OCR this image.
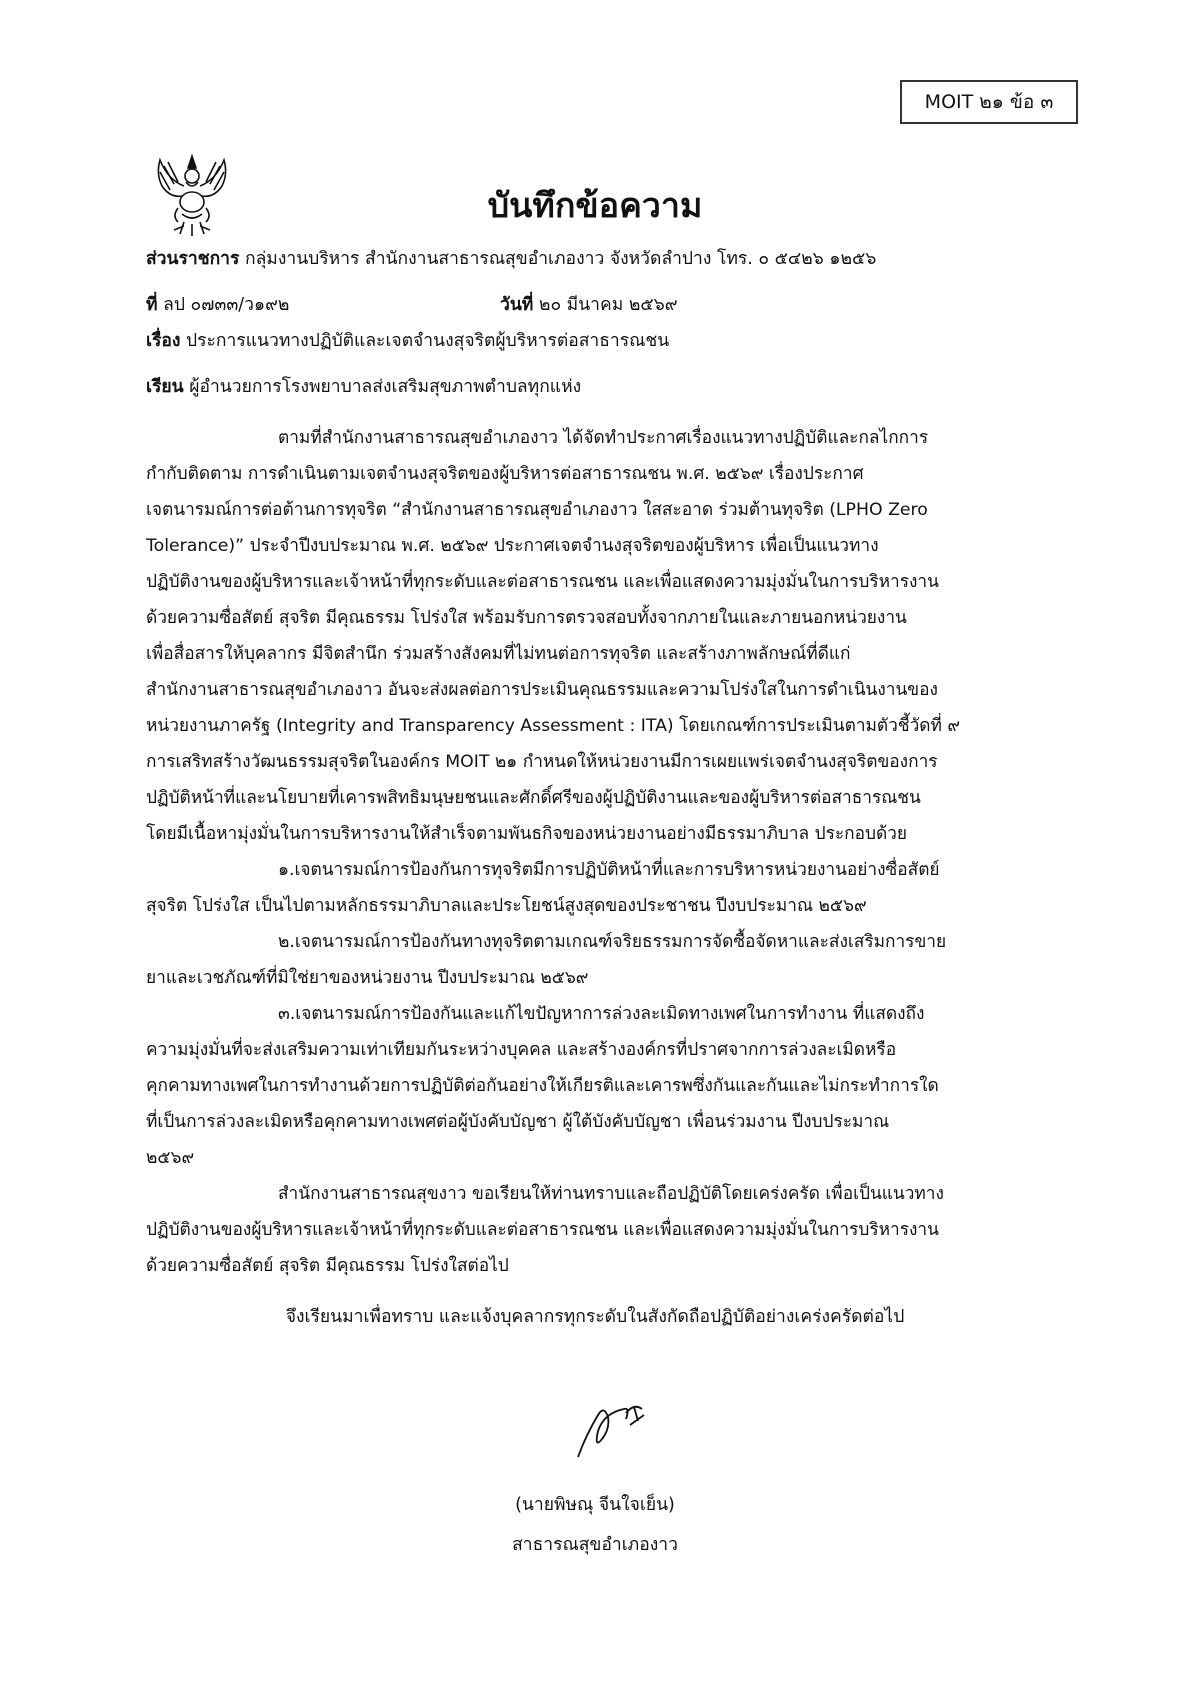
MOIT ๒๑ ข้อ ๓
บันทึกข้อความ
ส่วนราชการ กลุ่มงานบริหาร สำนักงานสาธารณสุขอำเภองาว จังหวัดลำปาง โทร. ๐ ๕๔๒๖ ๑๒๕๖
ที่ ลป ๐๗๓๓/ว๑๙๒	วันที่ ๒๐ มีนาคม ๒๕๖๙
เรื่อง ประการแนวทางปฏิบัติและเจตจำนงสุจริตผู้บริหารต่อสาธารณชน
เรียน ผู้อำนวยการโรงพยาบาลส่งเสริมสุขภาพตำบลทุกแห่ง
ตามที่สำนักงานสาธารณสุขอำเภองาว ได้จัดทำประกาศเรื่องแนวทางปฏิบัติและกลไกการ
กำกับติดตาม การดำเนินตามเจตจำนงสุจริตของผู้บริหารต่อสาธารณชน พ.ศ. ๒๕๖๙ เรื่องประกาศ
เจตนารมณ์การต่อต้านการทุจริต “สำนักงานสาธารณสุขอำเภองาว ใสสะอาด ร่วมต้านทุจริต (LPHO Zero
Tolerance)” ประจำปีงบประมาณ พ.ศ. ๒๕๖๙ ประกาศเจตจำนงสุจริตของผู้บริหาร เพื่อเป็นแนวทาง
ปฏิบัติงานของผู้บริหารและเจ้าหน้าที่ทุกระดับและต่อสาธารณชน และเพื่อแสดงความมุ่งมั่นในการบริหารงาน
ด้วยความซื่อสัตย์ สุจริต มีคุณธรรม โปร่งใส พร้อมรับการตรวจสอบทั้งจากภายในและภายนอกหน่วยงาน
เพื่อสื่อสารให้บุคลากร มีจิตสำนึก ร่วมสร้างสังคมที่ไม่ทนต่อการทุจริต และสร้างภาพลักษณ์ที่ดีแก่
สำนักงานสาธารณสุขอำเภองาว อันจะส่งผลต่อการประเมินคุณธรรมและความโปร่งใสในการดำเนินงานของ
หน่วยงานภาครัฐ (Integrity and Transparency Assessment : ITA) โดยเกณฑ์การประเมินตามตัวชี้วัดที่ ๙
การเสริทสร้างวัฒนธรรมสุจริตในองค์กร MOIT ๒๑ กำหนดให้หน่วยงานมีการเผยแพร่เจตจำนงสุจริตของการ
ปฏิบัติหน้าที่และนโยบายที่เคารพสิทธิมนุษยชนและศักดิ์ศรีของผู้ปฏิบัติงานและของผู้บริหารต่อสาธารณชน
โดยมีเนื้อหามุ่งมั่นในการบริหารงานให้สำเร็จตามพันธกิจของหน่วยงานอย่างมีธรรมาภิบาล ประกอบด้วย
๑.เจตนารมณ์การป้องกันการทุจริตมีการปฏิบัติหน้าที่และการบริหารหน่วยงานอย่างซื่อสัตย์
สุจริต โปร่งใส เป็นไปตามหลักธรรมาภิบาลและประโยชน์สูงสุดของประชาชน ปีงบประมาณ ๒๕๖๙
๒.เจตนารมณ์การป้องกันทางทุจริตตามเกณฑ์จริยธรรมการจัดซื้อจัดหาและส่งเสริมการขาย
ยาและเวชภัณฑ์ที่มิใช่ยาของหน่วยงาน ปีงบประมาณ ๒๕๖๙
๓.เจตนารมณ์การป้องกันและแก้ไขปัญหาการล่วงละเมิดทางเพศในการทำงาน ที่แสดงถึง
ความมุ่งมั่นที่จะส่งเสริมความเท่าเทียมกันระหว่างบุคคล และสร้างองค์กรที่ปราศจากการล่วงละเมิดหรือ
คุกคามทางเพศในการทำงานด้วยการปฏิบัติต่อกันอย่างให้เกียรติและเคารพซึ่งกันและกันและไม่กระทำการใด
ที่เป็นการล่วงละเมิดหรือคุกคามทางเพศต่อผู้บังคับบัญชา ผู้ใต้บังคับบัญชา เพื่อนร่วมงาน ปีงบประมาณ
๒๕๖๙
สำนักงานสาธารณสุขงาว ขอเรียนให้ท่านทราบและถือปฏิบัติโดยเคร่งครัด เพื่อเป็นแนวทาง
ปฏิบัติงานของผู้บริหารและเจ้าหน้าที่ทุกระดับและต่อสาธารณชน และเพื่อแสดงความมุ่งมั่นในการบริหารงาน
ด้วยความซื่อสัตย์ สุจริต มีคุณธรรม โปร่งใสต่อไป
จึงเรียนมาเพื่อทราบ และแจ้งบุคลากรทุกระดับในสังกัดถือปฏิบัติอย่างเคร่งครัดต่อไป
(นายพิษณุ จีนใจเย็น)
สาธารณสุขอำเภองาว
